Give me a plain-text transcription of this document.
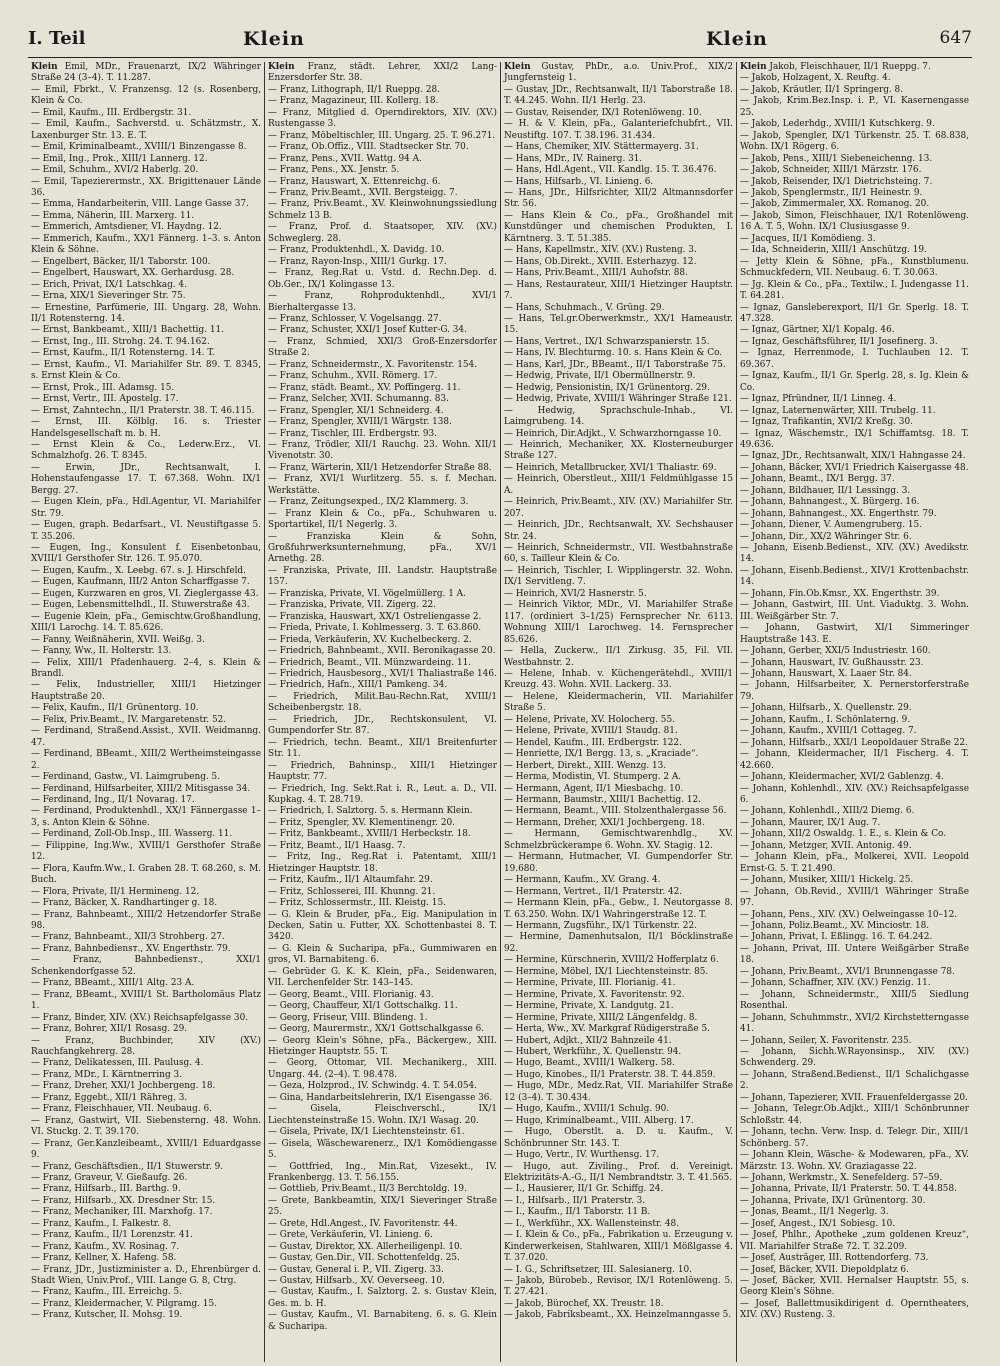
I. Teil	Klein	Klein	647

Klein Emil, MDr., Frauenarzt, IX/2 Währinger Straße 24 (3–4). T. 11.287.

— Emil, Fbrkt., V. Franzensg. 12 (s. Rosenberg, Klein & Co.

— Emil, Kaufm., III. Erdbergstr. 31.

— Emil, Kaufm., Sachverstd. u. Schätzmstr., X. Laxenburger Str. 13. E. T.

— Emil, Kriminalbeamt., XVIII/1 Binzengasse 8.

— Emil, Ing., Prok., XIII/1 Lannerg. 12.

— Emil, Schuhm., XVI/2 Haberlg. 20.

— Emil, Tapezierermstr., XX. Brigittenauer Lände 36.

— Emma, Handarbeiterin, VIII. Lange Gasse 37.

— Emma, Näherin, III. Marxerg. 11.

— Emmerich, Amtsdiener, VI. Haydng. 12.

— Emmerich, Kaufm., XX/1 Fännerg. 1–3. s. Anton Klein & Söhne.

— Engelbert, Bäcker, II/1 Taborstr. 100.

— Engelbert, Hauswart, XX. Gerhardusg. 28.

— Erich, Privat, IX/1 Latschkag. 4.

— Erna, XIX/1 Sieveringer Str. 75.

— Ernestine, Parfümerie, III. Ungarg. 28, Wohn. II/1 Rotensterng. 14.

— Ernst, Bankbeamt., XIII/1 Bachettig. 11.

— Ernst, Ing., III. Strohg. 24. T. 94.162.

— Ernst, Kaufm., II/1 Rotensterng. 14. T.

— Ernst, Kaufm., VI. Mariahilfer Str. 89. T. 8345, s. Ernst Klein & Co.

— Ernst, Prok., III. Adamsg. 15.

— Ernst, Vertr., III. Apostelg. 17.

— Ernst, Zahntechn., II/1 Praterstr. 38. T. 46.115.

— Ernst, III. Kölblg. 16. s. Triester Handelsgesellschaft m. b. H.

— Ernst Klein & Co., Lederw.Erz., VI. Schmalzhofg. 26. T. 8345.

— Erwin, JDr., Rechtsanwalt, I. Hohenstaufengasse 17. T. 67.368. Wohn. IX/1 Bergg. 27.

— Eugen Klein, pFa., Hdl.Agentur, VI. Mariahilfer Str. 79.

— Eugen, graph. Bedarfsart., VI. Neustiftgasse 5. T. 35.206.

— Eugen, Ing., Konsulent f. Eisenbetonbau, XVIII/1 Gersthofer Str. 126. T. 95.070.

— Eugen, Kaufm., X. Leebg. 67. s. J. Hirschfeld.

— Eugen, Kaufmann, III/2 Anton Scharffgasse 7.

— Eugen, Kurzwaren en gros, VI. Zieglergasse 43.

— Eugen, Lebensmittelhdl., II. Stuwerstraße 43.

— Eugenie Klein, pFa., Gemischtw.Großhandlung, XIII/1 Larochg. 14. T. 85.626.

— Fanny, Weißnäherin, XVII. Weißg. 3.

— Fanny, Ww., II. Holterstr. 13.

— Felix, XIII/1 Pfadenhauerg. 2–4, s. Klein & Brandl.

— Felix, Industrieller, XIII/1 Hietzinger Hauptstraße 20.

— Felix, Kaufm., II/1 Grünentorg. 10.

— Felix, Priv.Beamt., IV. Margaretenstr. 52.

— Ferdinand, Straßend.Assist., XVII. Weidmanng. 47.

— Ferdinand, BBeamt., XIII/2 Wertheimsteingasse 2.

— Ferdinand, Gastw., VI. Laimgrubeng. 5.

— Ferdinand, Hilfsarbeiter, XIII/2 Mitisgasse 34.

— Ferdinand, Ing., II/1 Novarag. 17.

— Ferdinand, Produktenhdl., XX/1 Fännergasse 1–3, s. Anton Klein & Söhne.

— Ferdinand, Zoll-Ob.Insp., III. Wasserg. 11.

— Filippine, Ing.Ww., XVIII/1 Gersthofer Straße 12.

— Flora, Kaufm.Ww., I. Graben 28. T. 68.260, s. M. Buch.

— Flora, Private, II/1 Hermineng. 12.

— Franz, Bäcker, X. Randhartinger g. 18.

— Franz, Bahnbeamt., XIII/2 Hetzendorfer Straße 98.

— Franz, Bahnbeamt., XII/3 Strohberg. 27.

— Franz, Bahnbediensт., XV. Engerthstr. 79.

— Franz, Bahnbediensт., XXI/1 Schenkendorfgasse 52.

— Franz, BBeamt., XIII/1 Altg. 23 A.

— Franz, BBeamt., XVIII/1 St. Bartholomäus Platz 1.

— Franz, Binder, XIV. (XV.) Reichsapfelgasse 30.

— Franz, Bohrer, XII/1 Rosasg. 29.

— Franz, Buchbinder, XIV (XV.) Rauchfangkehrerg. 28.

— Franz, Delikatessen, III. Paulusg. 4.

— Franz, MDr., I. Kärntnerring 3.

— Franz, Dreher, XXI/1 Jochbergeng. 18.

— Franz, Eggebt., XII/1 Rähreg. 3.

— Franz, Fleischhauer, VII. Neubaug. 6.

— Franz, Gastwirt, VII. Siebensterng. 48. Wohn. VI. Stuckg. 2. T. 39.170.

— Franz, Ger.Kanzleibeamt., XVIII/1 Eduardgasse 9.

— Franz, Geschäftsdien., II/1 Stuwerstr. 9.

— Franz, Graveur, V. Gießaufg. 26.

— Franz, Hilfsarb., III. Barthg. 9.

— Franz, Hilfsarb., XX. Dresdner Str. 15.

— Franz, Mechaniker, III. Marxhofg. 17.

— Franz, Kaufm., I. Falkestr. 8.

— Franz, Kaufm., II/1 Lorenzstr. 41.

— Franz, Kaufm., XV. Rosinag. 7.

— Franz, Kellner, X. Hafeng. 58.

— Franz, JDr., Justizminister a. D., Ehrenbürger d. Stadt Wien, Univ.Prof., VIII. Lange G. 8, Ctrg.

— Franz, Kaufm., III. Erreichg. 5.

— Franz, Kleidermacher, V. Pilgramg. 15.

— Franz, Kutscher, II. Mohsg. 19.

Klein Franz, städt. Lehrer, XXI/2 Lang-Enzersdorfer Str. 38.

— Franz, Lithograph, II/1 Rueppg. 28.

— Franz, Magazineur, III. Kollerg. 18.

— Franz, Mitglied d. Operndirektors, XIV. (XV.) Rustengasse 3.

— Franz, Möbeltischler, III. Ungarg. 25. T. 96.271.

— Franz, Ob.Offiz., VIII. Stadtsecker Str. 70.

— Franz, Pens., XVII. Wattg. 94 A.

— Franz, Pens., XX. Jenstr. 5.

— Franz, Hauswart, X. Ettenreichg. 6.

— Franz, Priv.Beamt., XVII. Bergsteigg. 7.

— Franz, Priv.Beamt., XV. Kleinwohnungssiedlung Schmelz 13 B.

— Franz, Prof. d. Staatsoper, XIV. (XV.) Schweglerg. 28.

— Franz, Produktenhdl., X. Davidg. 10.

— Franz, Rayon-Insp., XIII/1 Gurkg. 17.

— Franz, Reg.Rat u. Vstd. d. Rechn.Dep. d. Ob.Ger., IX/1 Kolingasse 13.

— Franz, Rohproduktenhdl., XVI/1 Bierhaltergasse 13.

— Franz, Schlosser, V. Vogelsangg. 27.

— Franz, Schuster, XXI/1 Josef Kutter-G. 34.

— Franz, Schmied, XXI/3 Groß-Enzersdorfer Straße 2.

— Franz, Schneidermstr., X. Favoritenstr. 154.

— Franz, Schuhm., XVII. Römerg. 17.

— Franz, städt. Beamt., XV. Poffingerg. 11.

— Franz, Selcher, XVII. Schumanng. 83.

— Franz, Spengler, XI/1 Schneiderg. 4.

— Franz, Spengler, XVIII/1 Wärgstr. 138.

— Franz, Tischler, III. Erdbergstr. 93.

— Franz, Trödler, XII/1 Rauchg. 23. Wohn. XII/1 Vivenotstr. 30.

— Franz, Wärterin, XII/1 Hetzendorfer Straße 88.

— Franz, XVI/1 Wurlitzerg. 55. s. f. Mechan. Werkstätte.

— Franz, Zeitungsexped., IX/2 Klammerg. 3.

— Franz Klein & Co., pFa., Schuhwaren u. Sportartikel, II/1 Negerlg. 3.

— Franziska Klein & Sohn, Großfuhrwerksunternehmung, pFa., XV/1 Arnethg. 28.

— Franziska, Private, III. Landstr. Hauptstraße 157.

— Franziska, Private, VI. Vögelmüllerg. 1 A.

— Franziska, Private, VII. Zigerg. 22.

— Franziska, Hauswart, XX/1 Ostreliengasse 2.

— Frieda, Private, I. Kohlmesserg. 3. T. 63.860.

— Frieda, Verkäuferin, XV. Kuchelbeckerg. 2.

— Friedrich, Bahnbeamt., XVII. Beronikagasse 20.

— Friedrich, Beamt., VII. Münzwardeing. 11.

— Friedrich, Hausbesorg., XVI/1 Thaliastraße 146.

— Friedrich, Hafn., XIII/1 Pamkeng. 34.

— Friedrich, Milit.Bau-Rechn.Rat, XVIII/1 Scheibenbergstr. 18.

— Friedrich, JDr., Rechtskonsulent, VI. Gumpendorfer Str. 87.

— Friedrich, techn. Beamt., XII/1 Breitenfurter Str. 11.

— Friedrich, Bahninsp., XIII/1 Hietzinger Hauptstr. 77.

— Friedrich, Ing. Sekt.Rat i. R., Leut. a. D., VII. Kupkag. 4. T. 28.719.

— Friedrich, I. Salztorg. 5. s. Hermann Klein.

— Fritz, Spengler, XV. Klementinengr. 20.

— Fritz, Bankbeamt., XVIII/1 Herbeckstr. 18.

— Fritz, Beamt., II/1 Haasg. 7.

— Fritz, Ing., Reg.Rat i. Patentamt, XIII/1 Hietzinger Hauptstr. 18.

— Fritz, Kaufm., II/1 Altaumfahr. 29.

— Fritz, Schlosserei, III. Khunng. 21.

— Fritz, Schlossermstr., III. Kleistg. 15.

— G. Klein & Bruder, pFa., Eig. Manipulation in Decken, Satin u. Futter, XX. Schottenbastei 8. T. 3420.

— G. Klein & Sucharipa, pFa., Gummiwaren en gros, VI. Barnabiteng. 6.

— Gebrüder G. K. K. Klein, pFa., Seidenwaren, VII. Lerchenfelder Str. 143–145.

— Georg, Beamt., VIII. Florianig. 43.

— Georg, Chauffeur, XI/1 Gottschalkg. 11.

— Georg, Friseur, VIII. Blindeng. 1.

— Georg, Maurermstr., XX/1 Gottschalkgasse 6.

— Georg Klein's Söhne, pFa., Bäckergew., XIII. Hietzinger Hauptstr. 55. T.

— Georg, Ottomar, VII. Mechanikerg., XIII. Ungarg. 44. (2–4). T. 98.478.

— Geza, Holzprod., IV. Schwindg. 4. T. 54.054.

— Gina, Handarbeitslehrerin, IX/1 Eisengasse 36.

— Gisela, Fleischverschl., IX/1 Liechtensteinstraße 15. Wohn. IX/1 Wasag. 20.

— Gisela, Private, IX/1 Liechtensteinstr. 61.

— Gisela, Wäschewarenerz., IX/1 Komödiengasse 5.

— Gottfried, Ing., Min.Rat, Vizesekt., IV. Frankenbergg. 13. T. 56.155.

— Gottlieb, Priv.Beamt., II/3 Berchtoldg. 19.

— Grete, Bankbeamtin, XIX/1 Sieveringer Straße 25.

— Grete, Hdl.Angest., IV. Favoritenstr. 44.

— Grete, Verkäuferin, VI. Linieng. 6.

— Gustav, Direktor, XX. Allerheiligenpl. 10.

— Gustav, Gen.Dir., VII. Schottenfeldg. 25.

— Gustav, General i. P., VII. Zigerg. 33.

— Gustav, Hilfsarb., XV. Oeverseeg. 10.

— Gustav, Kaufm., I. Salztorg. 2. s. Gustav Klein, Ges. m. b. H.

— Gustav, Kaufm., VI. Barnabiteng. 6. s. G. Klein & Sucharipa.

Klein Gustav, PhDr., a.o. Univ.Prof., XIX/2 Jungfernsteig 1.

— Gustav, JDr., Rechtsanwalt, II/1 Taborstraße 18. T. 44.245. Wohn. II/1 Herlg. 23.

— Gustav, Reisender, IX/1 Rotenlöweng. 10.

— H. & V. Klein, pFa., Galanteriefchubfrt., VII. Neustiftg. 107. T. 38.196. 31.434.

— Hans, Chemiker, XIV. Stättermayerg. 31.

— Hans, MDr., IV. Rainerg. 31.

— Hans, Hdl.Agent., VII. Kandlg. 15. T. 36.476.

— Hans, Hilfsarb., VI. Linieng. 6.

— Hans, JDr., Hilfsrichter, XII/2 Altmannsdorfer Str. 56.

— Hans Klein & Co., pFa., Großhandel mit Kunstdünger und chemischen Produkten, I. Kärntnerg. 3. T. 51.385.

— Hans, Kapellmstr., XIV. (XV.) Rusteng. 3.

— Hans, Ob.Direkt., XVIII. Esterhazyg. 12.

— Hans, Priv.Beamt., XIII/1 Auhofstr. 88.

— Hans, Restaurateur, XIII/1 Hietzinger Hauptstr. 7.

— Hans, Schuhmach., V. Grüng. 29.

— Hans, Tel.gr.Oberwerkmstr., XX/1 Hameaustr. 15.

— Hans, Vertret., IX/1 Schwarzspanierstr. 15.

— Hans, IV. Blechturmg. 10. s. Hans Klein & Co.

— Hans, Karl, JDr., BBeamt., II/1 Taborstraße 75.

— Hedwig, Private, II/1 Obermüllnerstr. 9.

— Hedwig, Pensionistin, IX/1 Grünentorg. 29.

— Hedwig, Private, XVIII/1 Währinger Straße 121.

— Hedwig, Sprachschule-Inhab., VI. Laimgrubeng. 14.

— Heinrich, Dir.Adjkt., V. Schwarzhorngasse 10.

— Heinrich, Mechaniker, XX. Klosterneuburger Straße 127.

— Heinrich, Metallbrucker, XVI/1 Thaliastr. 69.

— Heinrich, Oberstleut., XIII/1 Feldmühlgasse 15 A.

— Heinrich, Priv.Beamt., XIV. (XV.) Mariahilfer Str. 207.

— Heinrich, JDr., Rechtsanwalt, XV. Sechshauser Str. 24.

— Heinrich, Schneidermstr., VII. Westbahnstraße 60, s. Tailleur Klein & Co.

— Heinrich, Tischler, I. Wipplingerstr. 32. Wohn. IX/1 Servitleng. 7.

— Heinrich, XVI/2 Hasnerstr. 5.

— Heinrich Viktor, MDr., VI. Mariahilfer Straße 117. (ordiniert 3–1/25) Fernsprecher Nr. 6113. Wohnung XIII/1 Larochweg. 14. Fernsprecher 85.626.

— Hella, Zuckerw., II/1 Zirkusg. 35, Fil. VII. Westbahnstr. 2.

— Helene, Inhab. v. Küchengerätehdl., XVIII/1 Kreuzg. 43. Wohn. XVII. Lackerg. 33.

— Helene, Kleidermacherin, VII. Mariahilfer Straße 5.

— Helene, Private, XV. Holocherg. 55.

— Helene, Private, XVIII/1 Staudg. 81.

— Hendel, Kaufm., III. Erdbergstr. 122.

— Henriette, IX/1 Bergg. 13, s. „Kraciade“.

— Herbert, Direkt., XIII. Wenzg. 13.

— Herma, Modistin, VI. Stumperg. 2 A.

— Hermann, Agent, II/1 Miesbachg. 10.

— Hermann, Baumstr., XIII/1 Bachettig. 12.

— Hermann, Beamt., VIII. Stolzenthalergasse 56.

— Hermann, Dreher, XXI/1 Jochbergeng. 18.

— Hermann, Gemischtwarenhdlg., XV. Schmelzbrückerampe 6. Wohn. XV. Stagig. 12.

— Hermann, Hutmacher, VI. Gumpendorfer Str. 19.680.

— Hermann, Kaufm., XV. Grang. 4.

— Hermann, Vertret., II/1 Praterstr. 42.

— Hermann Klein, pFa., Gebw., I. Neutorgasse 8. T. 63.250. Wohn. IX/1 Wahringerstraße 12. T.

— Hermann, Zugsführ., IX/1 Türkenstr. 22.

— Hermine, Damenhutsalon, II/1 Böcklinstraße 92.

— Hermine, Kürschnerin, XVIII/2 Hofferplatz 6.

— Hermine, Möbel, IX/1 Liechtensteinstr. 85.

— Hermine, Private, III. Florianig. 41.

— Hermine, Private, X. Favoritenstr. 92.

— Hermine, Private, X. Landgutg. 21.

— Hermine, Private, XIII/2 Längenfeldg. 8.

— Herta, Ww., XV. Markgraf Rüdigerstraße 5.

— Hubert, Adjkt., XII/2 Bahnzeile 41.

— Hubert, Werkführ., X. Quellenstr. 94.

— Hugo, Beamt., XVIII/1 Walkerg. 58.

— Hugo, Kinobes., II/1 Praterstr. 38. T. 44.859.

— Hugo, MDr., Medz.Rat, VII. Mariahilfer Straße 12 (3–4). T. 30.434.

— Hugo, Kaufm., XVIII/1 Schulg. 90.

— Hugo, Kriminalbeamt., VIII. Alberg. 17.

— Hugo, Oberstlt. a. D. u. Kaufm., V. Schönbrunner Str. 143. T.

— Hugo, Vertr., IV. Wurthensg. 17.

— Hugo, aut. Ziviling., Prof. d. Vereinigt. Elektrizitäts-A.-G., II/1 Nembrandtstr. 3. T. 41.565.

— I., Hausierer, II/1 Gr. Schiffg. 24.

— I., Hilfsarb., II/1 Praterstr. 3.

— I., Kaufm., II/1 Taborstr. 11 B.

— I., Werkführ., XX. Wallensteinstr. 48.

— I. Klein & Co., pFa., Fabrikation u. Erzeugung v. Kinderwerkeisen, Stahlwaren, XIII/1 Mößlgasse 4. T. 37.020.

— I. G., Schriftsetzer, III. Salesianerg. 10.

— Jakob, Bürobeb., Revisor, IX/1 Rotenlöweng. 5. T. 27.421.

— Jakob, Bürochef, XX. Treustr. 18.

— Jakob, Fabriksbeamt., XX. Heinzelmanngasse 5.

Klein Jakob, Fleischhauer, II/1 Rueppg. 7.

— Jakob, Holzagent, X. Reuftg. 4.

— Jakob, Kräutler, II/1 Springerg. 8.

— Jakob, Krim.Bez.Insp. i. P., VI. Kasernengasse 25.

— Jakob, Lederhdg., XVIII/1 Kutschkerg. 9.

— Jakob, Spengler, IX/1 Türkenstr. 25. T. 68.838, Wohn. IX/1 Rögerg. 6.

— Jakob, Pens., XIII/1 Siebeneichenng. 13.

— Jakob, Schneider, XIII/1 Märzstr. 176.

— Jakob, Reisender, IX/1 Dietrichsteing. 7.

— Jakob, Spenglermstr., II/1 Heinestr. 9.

— Jakob, Zimmermaler, XX. Romanog. 20.

— Jakob, Simon, Fleischhauer, IX/1 Rotenlöweng. 16 A. T. 5, Wohn. IX/1 Clusiusgasse 9.

— Jacques, II/1 Komödieng. 3.

— Ida, Schneiderin, XIII/1 Anschützg. 19.

— Jetty Klein & Söhne, pFa., Kunstblumenu. Schmuckfedern, VII. Neubaug. 6. T. 30.063.

— Jg. Klein & Co., pFa., Textilw., I. Judengasse 11. T. 64.281.

— Ignaz, Gansleberexport, II/1 Gr. Sperlg. 18. T. 47.328.

— Ignaz, Gärtner, XI/1 Kopalg. 46.

— Ignaz, Geschäftsführer, II/1 Josefinerg. 3.

— Ignaz, Herrenmode, I. Tuchlauben 12. T. 69.367.

— Ignaz, Kaufm., II/1 Gr. Sperlg. 28, s. Ig. Klein & Co.

— Ignaz, Pfründner, II/1 Linneg. 4.

— Ignaz, Laternenwärter, XIII. Trubelg. 11.

— Ignaz, Trafikantin, XVI/2 Kreßg. 30.

— Ignaz, Wäschemstr., IX/1 Schiffamtsg. 18. T. 49.636.

— Ignaz, JDr., Rechtsanwalt, XIX/1 Hahngasse 24.

— Johann, Bäcker, XVI/1 Friedrich Kaisergasse 48.

— Johann, Beamt., IX/1 Bergg. 37.

— Johann, Bildhauer, II/1 Lessingg. 3.

— Johann, Bahnangest., X. Bürgerg. 16.

— Johann, Bahnangest., XX. Engerthstr. 79.

— Johann, Diener, V. Aumengruberg. 15.

— Johann, Dir., XX/2 Währinger Str. 6.

— Johann, Eisenb.Bedienst., XIV. (XV.) Avedikstr. 14.

— Johann, Eisenb.Bedienst., XIV/1 Krottenbachstr. 14.

— Johann, Fin.Ob.Kmsr., XX. Engerthstr. 39.

— Johann, Gastwirt, III. Unt. Viaduktg. 3. Wohn. III. Weißgärber Str. 7.

— Johann, Gastwirt, XI/1 Simmeringer Hauptstraße 143. E.

— Johann, Gerber, XXI/5 Industriestr. 160.

— Johann, Hauswart, IV. Gußhausstr. 23.

— Johann, Hauswart, X. Laaer Str. 84.

— Johann, Hilfsarbeiter, X. Pernerstorferstraße 79.

— Johann, Hilfsarb., X. Quellenstr. 29.

— Johann, Kaufm., I. Schönlaterng. 9.

— Johann, Kaufm., XVIII/1 Cottageg. 7.

— Johann, Hilfsarb., XXI/1 Leopoldauer Straße 22.

— Johann, Kleidermacher, II/1 Fischerg. 4. T. 42.660.

— Johann, Kleidermacher, XVI/2 Gablenzg. 4.

— Johann, Kohlenhdl., XIV. (XV.) Reichsapfelgasse 6.

— Johann, Kohlenhdl., XIII/2 Diemg. 6.

— Johann, Maurer, IX/1 Aug. 7.

— Johann, XII/2 Oswaldg. 1. E., s. Klein & Co.

— Johann, Metzger, XVII. Antonig. 49.

— Johann Klein, pFa., Molkerei, XVII. Leopold Ernst-G. 5. T. 21.490.

— Johann, Musiker, XIII/1 Hickelg. 25.

— Johann, Ob.Revid., XVIII/1 Währinger Straße 97.

— Johann, Pens., XIV. (XV.) Oelweingasse 10–12.

— Johann, Poliz.Beamt., XV. Minciostr. 18.

— Johann, Privat, I. Eßlingg. 16. T. 64.242.

— Johann, Privat, III. Untere Weißgärber Straße 18.

— Johann, Priv.Beamt., XVI/1 Brunnengasse 78.

— Johann, Schaffner, XIV. (XV.) Fenzig. 11.

— Johann, Schneidermstr., XIII/5 Siedlung Rosenthal.

— Johann, Schuhmmstr., XVI/2 Kirchstetterngasse 41.

— Johann, Seiler, X. Favoritenstr. 235.

— Johann, Sichh.W.Rayonsinsp., XIV. (XV.) Schwenderg. 29.

— Johann, Straßend.Bedienst., II/1 Schalichgasse 2.

— Johann, Tapezierer, XVII. Frauenfeldergasse 20.

— Johann, Telegr.Ob.Adjkt., XIII/1 Schönbrunner Schloßstr. 44.

— Johann, techn. Verw. Insp. d. Telegr. Dir., XIII/1 Schönberg. 57.

— Johann Klein, Wäsche- & Modewaren, pFa., XV. Märzstr. 13. Wohn. XV. Graziagasse 22.

— Johann, Werkmstr., X. Senefelderg. 57–59.

— Johanna, Private, II/1 Praterstr. 50. T. 44.858.

— Johanna, Private, IX/1 Grünentorg. 30.

— Jonas, Beamt., II/1 Negerlg. 3.

— Josef, Angest., IX/1 Sobiesg. 10.

— Josef, Phlhr., Apotheke „zum goldenen Kreuz“, VII. Mariahilfer Straße 72. T. 32.209.

— Josef, Austräger, III. Rottendorferg. 73.

— Josef, Bäcker, XVII. Diepoldplatz 6.

— Josef, Bäcker, XVII. Hernalser Hauptstr. 55, s. Georg Klein's Söhne.

— Josef, Ballettmusikdirigent d. Operntheaters, XIV. (XV.) Rusteng. 3.
